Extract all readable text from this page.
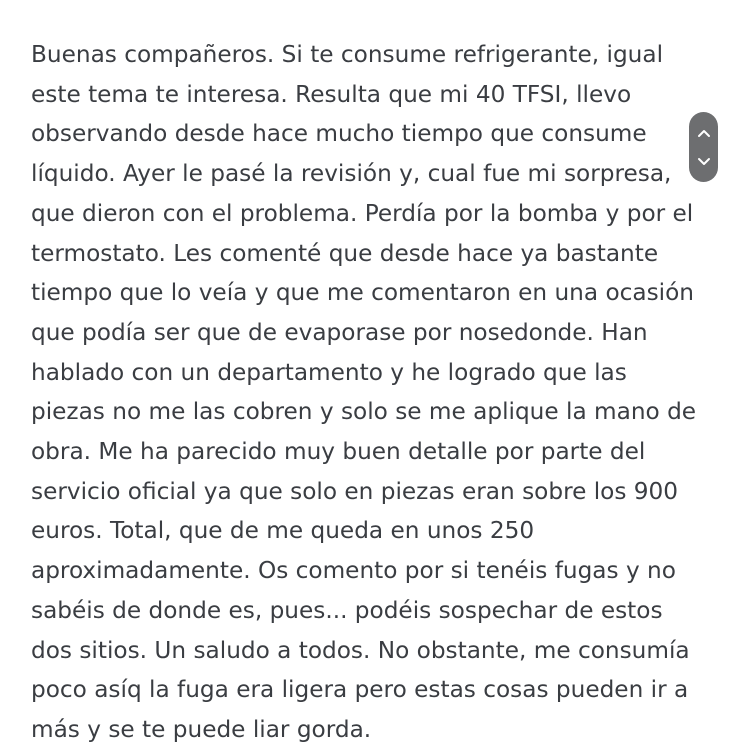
Buenas compañeros. Si te consume refrigerante, igual
este tema te interesa. Resulta que mi 40 TFSI, llevo
observando desde hace mucho tiempo que consume
líquido. Ayer le pasé la revisión y, cual fue mi sorpresa,
que dieron con el problema. Perdía por la bomba y por el
termostato. Les comenté que desde hace ya bastante
tiempo que lo veía y que me comentaron en una ocasión
que podía ser que de evaporase por nosedonde. Han
hablado con un departamento y he logrado que las
piezas no me las cobren y solo se me aplique la mano de
obra. Me ha parecido muy buen detalle por parte del
servicio oficial ya que solo en piezas eran sobre los 900
euros. Total, que de me queda en unos 250
aproximadamente. Os comento por si tenéis fugas y no
sabéis de donde es, pues... podéis sospechar de estos
dos sitios. Un saludo a todos. No obstante, me consumía
poco asíq la fuga era ligera pero estas cosas pueden ir a
más y se te puede liar gorda.
